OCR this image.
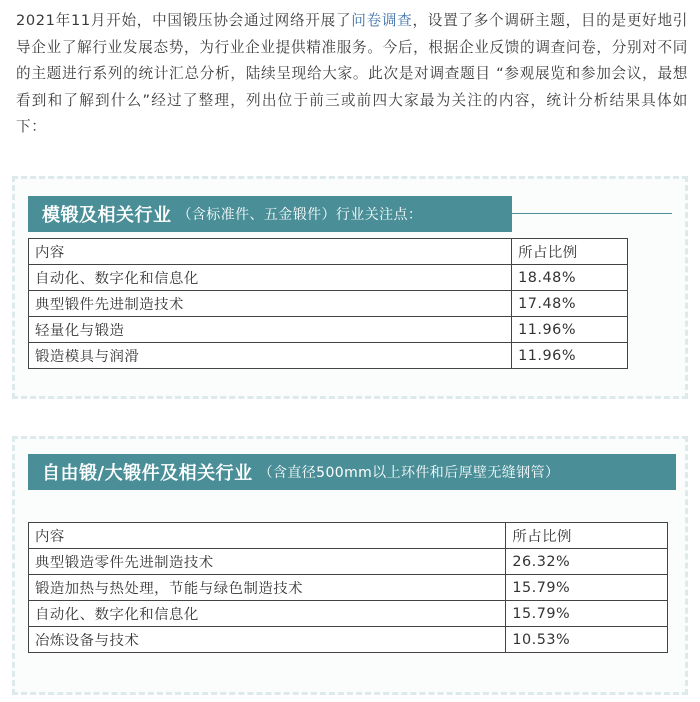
2021年11月开始，中国锻压协会通过网络开展了问卷调查，设置了多个调研主题，目的是更好地引导企业了解行业发展态势，为行业企业提供精准服务。今后，根据企业反馈的调查问卷，分别对不同的主题进行系列的统计汇总分析，陆续呈现给大家。此次是对调查题目 “参观展览和参加会议，最想看到和了解到什么”经过了整理，列出位于前三或前四大家最为关注的内容，统计分析结果具体如下：
模锻及相关行业 （含标准件、五金锻件）行业关注点：
内容	所占比例
自动化、数字化和信息化	18.48%
典型锻件先进制造技术	17.48%
轻量化与锻造	11.96%
锻造模具与润滑	11.96%
自由锻/大锻件及相关行业 （含直径500mm以上环件和后厚壁无缝钢管）
内容	所占比例
典型锻造零件先进制造技术	26.32%
锻造加热与热处理，节能与绿色制造技术	15.79%
自动化、数字化和信息化	15.79%
冶炼设备与技术	10.53%
